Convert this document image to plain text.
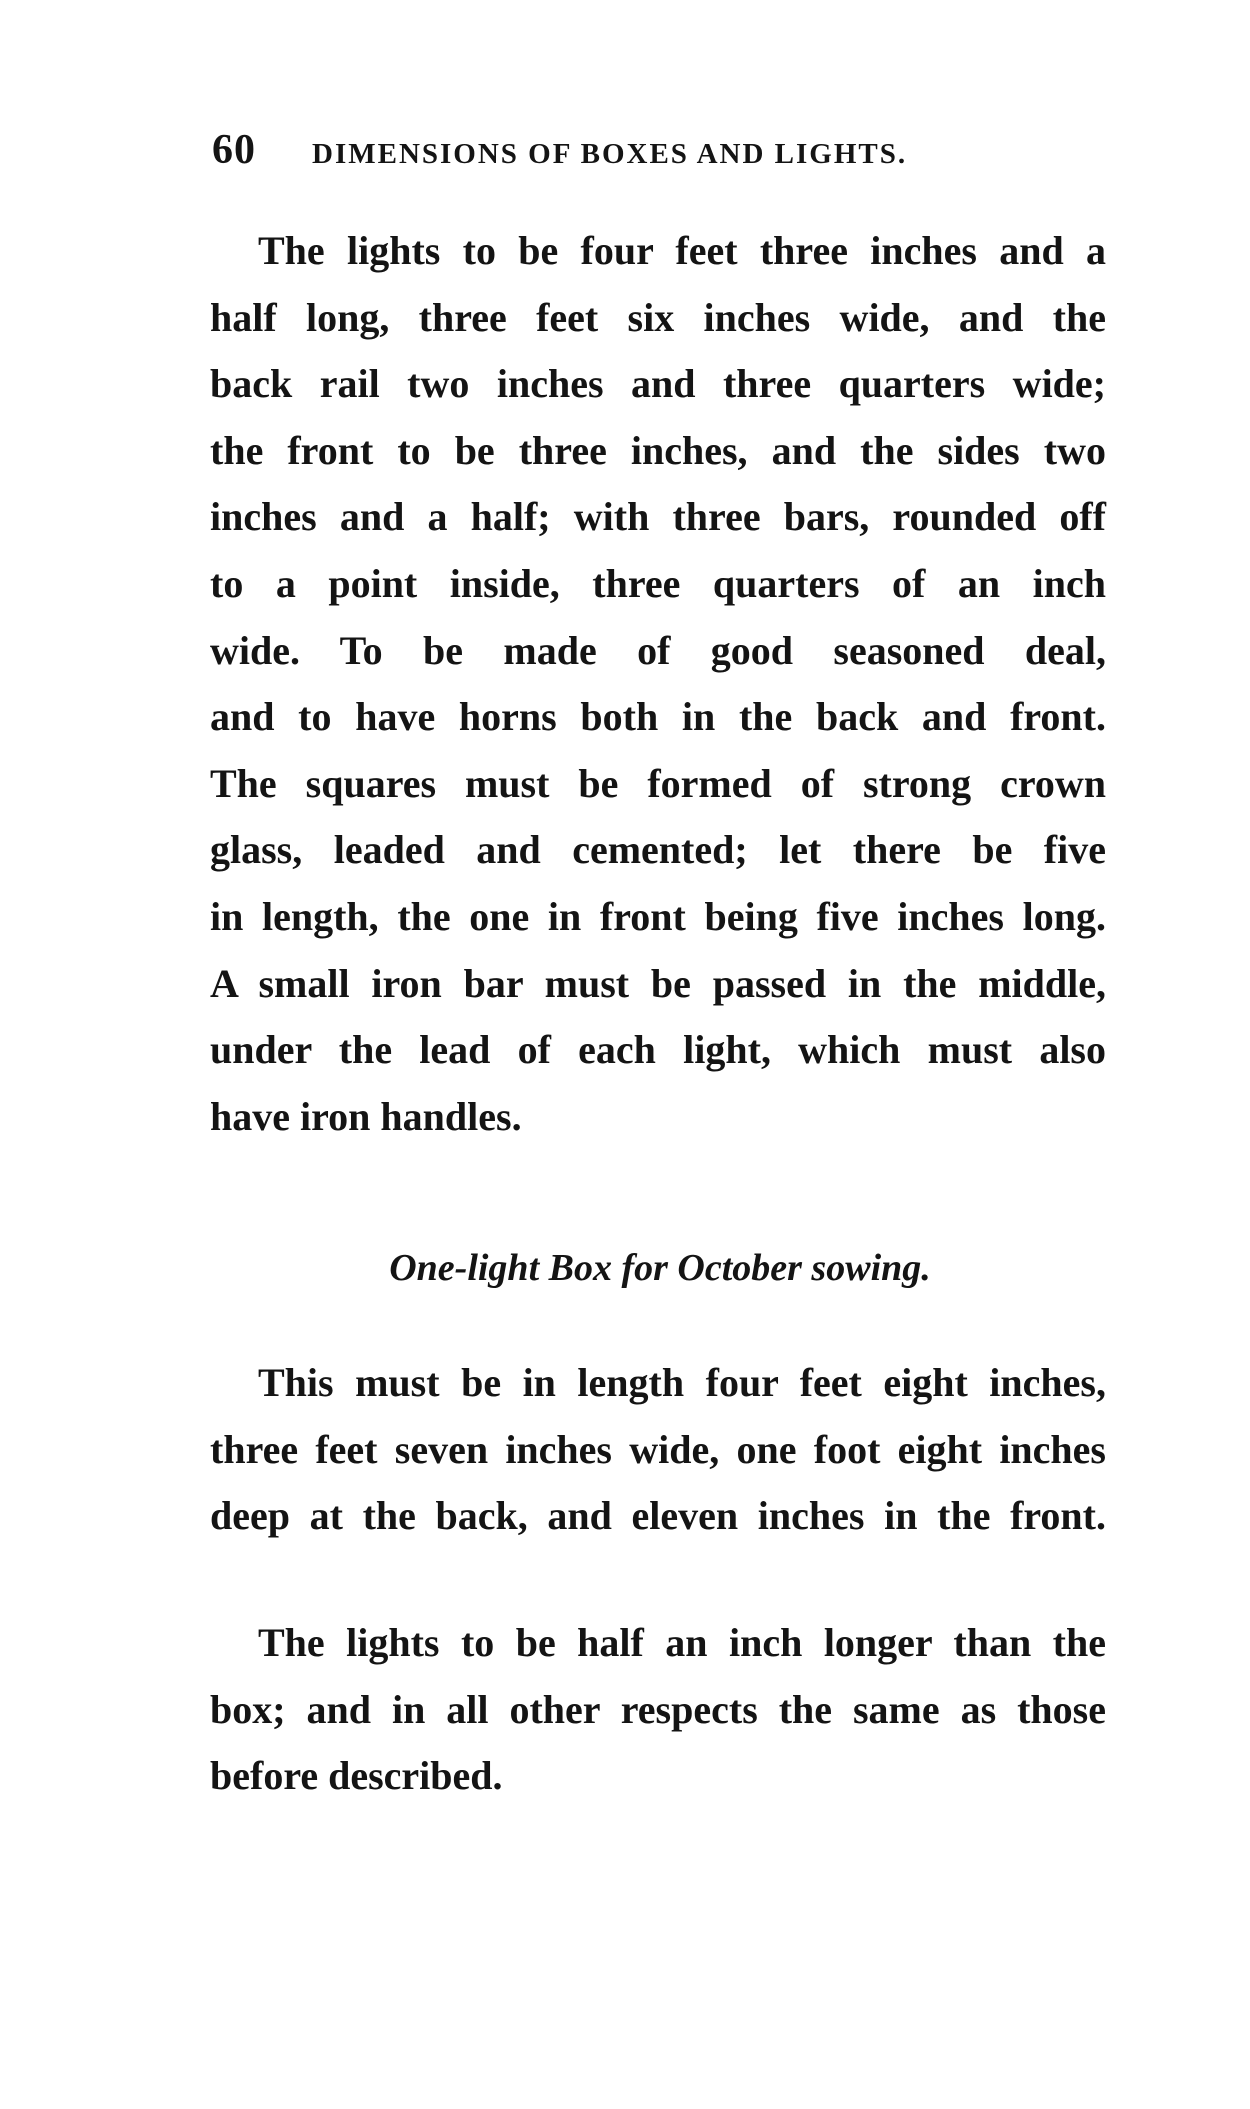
60 DIMENSIONS OF BOXES AND LIGHTS.

The lights to be four feet three inches and a
half long, three feet six inches wide, and the
back rail two inches and three quarters wide;
the front to be three inches, and the sides two
inches and a half; with three bars, rounded off
to a point inside, three quarters of an inch
wide. To be made of good seasoned deal,
and to have horns both in the back and front.
The squares must be formed of strong crown
glass, leaded and cemented; let there be five
in length, the one in front being five inches long.
A small iron bar must be passed in the middle,
under the lead of each light, which must also
have iron handles.

One-light Box for October sowing.

This must be in length four feet eight inches,
three feet seven inches wide, one foot eight inches
deep at the back, and eleven inches in the front.

The lights to be half an inch longer than the
box; and in all other respects the same as those
before described.
